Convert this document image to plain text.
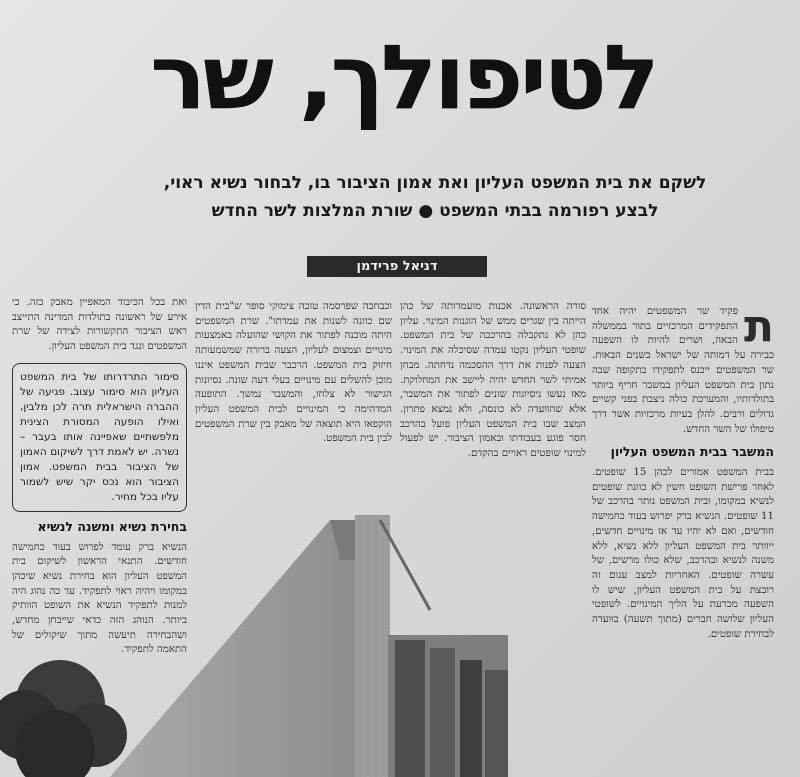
לטיפולך, שר
לשקם את בית המשפט העליון ואת אמון הציבור בו, לבחור נשיא ראוי,
לבצע רפורמה בבתי המשפט ● שורת המלצות לשר החדש
דניאל פרידמן
ת

פקיד שר המשפטים יהיה אחד התפקידים המרכזיים בתור בממשלה הבאה, ושרים להיות לו השפעה כבירה על דמותה של ישראל בשנים הבאות. שר המשפטים ייכנס לתפקידו בתקופה שבה נתון בית המשפט העליון במשבר חריף ביותר בתולדותיו, והמערכת כולה ניצבת בפני קשיים גדולים ורבים. להלן בעיות מרכזיות אשר דרך טיפולו של השר החדש.

המשבר בבית המשפט העליון

בבית המשפט אמורים לכהן 15 שופטים. לאחר פרישת השופט חשין לא כוונת שופטים לנשיא במקומו, ובית המשפט נותר בהרכב של 11 שופטים. הנשיא ברק יפרוש בעוד כחמישה חודשים, ואם לא יהיו עד אז מינויים חדשים, ייוותר בית המשפט העליון ללא נשיא, ללא משנה לנשיא ובהרכב, שלא כולו מרשים, של עשרה שופטים. האחריות למצב עגום זה רובצת על בית המשפט העליון, שיש לו השפעה מכרעת על הליך המינויים. לשופטי העליון שלושה חברים (מתוך תשעה) בוועדה לבחירת שופטים.

סורה הראשונה. אכנות מועמדותה של כהן הייתה בין שגרים ממש של הוגנות המינוי. עליון כהן לא נתקבלה בהרכבה של בית המשפט. שופטי העליון נקטו עמדה שסיכלה את המינוי. הצעה לפנות את דרך ההסכמה נדחתה. מבחן אמיתי לשר החדש יהיה ליישב את המחלוקת. מאז נעשו ניסיונות שונים לפתור את המשבר, אלא שהוועדה לא כונסה, ולא נמצא פתרון. המצב שבו בית המשפט העליון פועל בהרכב חסר פוגע בעבודתו ובאמון הציבור. יש לפעול למינוי שופטים ראויים בהקדם.

וכבחבה שפרסמה טובה צימוקי סופר ש"בית הדין שם כוונה לשנות את עמדתו". שרת המשפטים היתה מוכנה לפתור את הקושי שהועלה באמצעות מינויים וצמצום לעליון, הצעה ברורה שמשמעותה חיזוק בית המשפט. הרכבר שבית המשפט איננו מוכן להשלים עם מינויים בעלי דעה שונה. נסיונות הגישור לא צלחו, והמשבר נמשך. התופעה המדהימה כי המינויים לבית המשפט העליון הוקפאו היא תוצאה של מאבק בין שרת המשפטים לבין בית המשפט.

ואת בכל הכיבוד המאפיין מאבק כזה. כי אירע של ראשונה בתולדות המדינה התייצב ראש הציבור התקשורות לצידה של שרת המשפטים ונגד בית המשפט העליון.

סימור התרדרותו של בית המשפט העליון הוא סימור עצוב. פגיעה של ההברה הישראלית תרה לכן מלבין, ואילו הופעה המסורת הצינית מלפשתיים שאפיינה אותו בעבר – נשרה. יש לאמת דרך לשיקום האמון של הציבור בבית המשפט. אמון הציבור הוא נכס יקר שיש לשמור עליו בכל מחיר.
בחירת נשיא ומשנה לנשיא

הנשיא ברק עומד לפרוש בעוד כחמישה חודשים. התנאי הראשון לשיקום בית המשפט העליון הוא בחירת נשיא שיכהן במקומו ויהיה ראוי לתפקיד. עד כה נהוג היה למנות לתפקיד הנשיא את השופט הוותיק ביותר. הנוהג הזה כדאי שייבחן מחדש, ושהבחירה תיעשה מתוך שיקולים של התאמה לתפקיד.
